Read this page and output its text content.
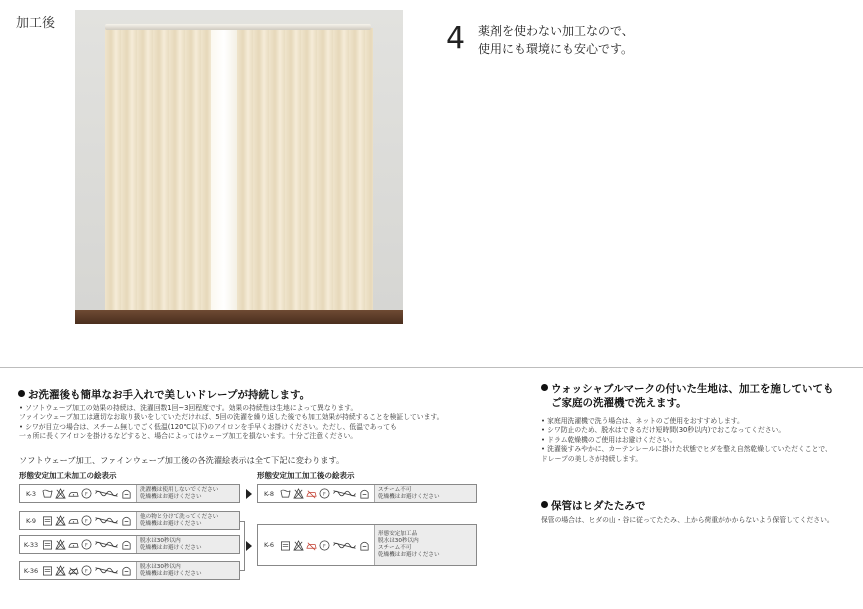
加工後	4 薬剤を使わない加工なので、
使用にも環境にも安心です。
お洗濯後も簡単なお手入れで美しいドレープが持続します。
• ソフトウェーブ加工の効果の持続は、洗濯回数1回~3回程度です。効果の持続性は生地によって異なります。
ファインウェーブ加工は適切なお取り扱いをしていただければ、5回の洗濯を繰り返した後でも加工効果が持続することを検証しています。
• シワが目立つ場合は、スチーム無しでごく低温(120℃以下)のアイロンを手早くお掛けください。ただし、低温であっても
一ヵ所に長くアイロンを掛けるなどすると、場合によってはウェーブ加工を損ないます。十分ご注意ください。
ソフトウェーブ加工、ファインウェーブ加工後の各洗濯絵表示は全て下記に変わります。
形態安定加工未加工の絵表示	形態安定加工加工後の絵表示
K-3	F
洗濯機は使用しないでください
乾燥機はお避けください
K-9	F
他の物と分けて洗ってください
乾燥機はお避けください
K-33	F
脱水は30秒以内
乾燥機はお避けください
K-36	F
脱水は30秒以内
乾燥機はお避けください
K-8	F
スチーム不可
乾燥機はお避けください
K-6	F
形態安定加工品
脱水は30秒以内
スチーム不可
乾燥機はお避けください
ウォッシャブルマークの付いた生地は、加工を施していても
ご家庭の洗濯機で洗えます。
• 家庭用洗濯機で洗う場合は、ネットのご使用をおすすめします。
• シワ防止のため、脱水はできるだけ短時間(30秒以内)でおこなってください。
• ドラム乾燥機のご使用はお避けください。
• 洗濯後すみやかに、カーテンレールに掛けた状態でヒダを整え自然乾燥していただくことで、
ドレープの美しさが持続します。
保管はヒダたたみで
保管の場合は、ヒダの山・谷に従ってたたみ、上から荷重がかからないよう保管してください。
